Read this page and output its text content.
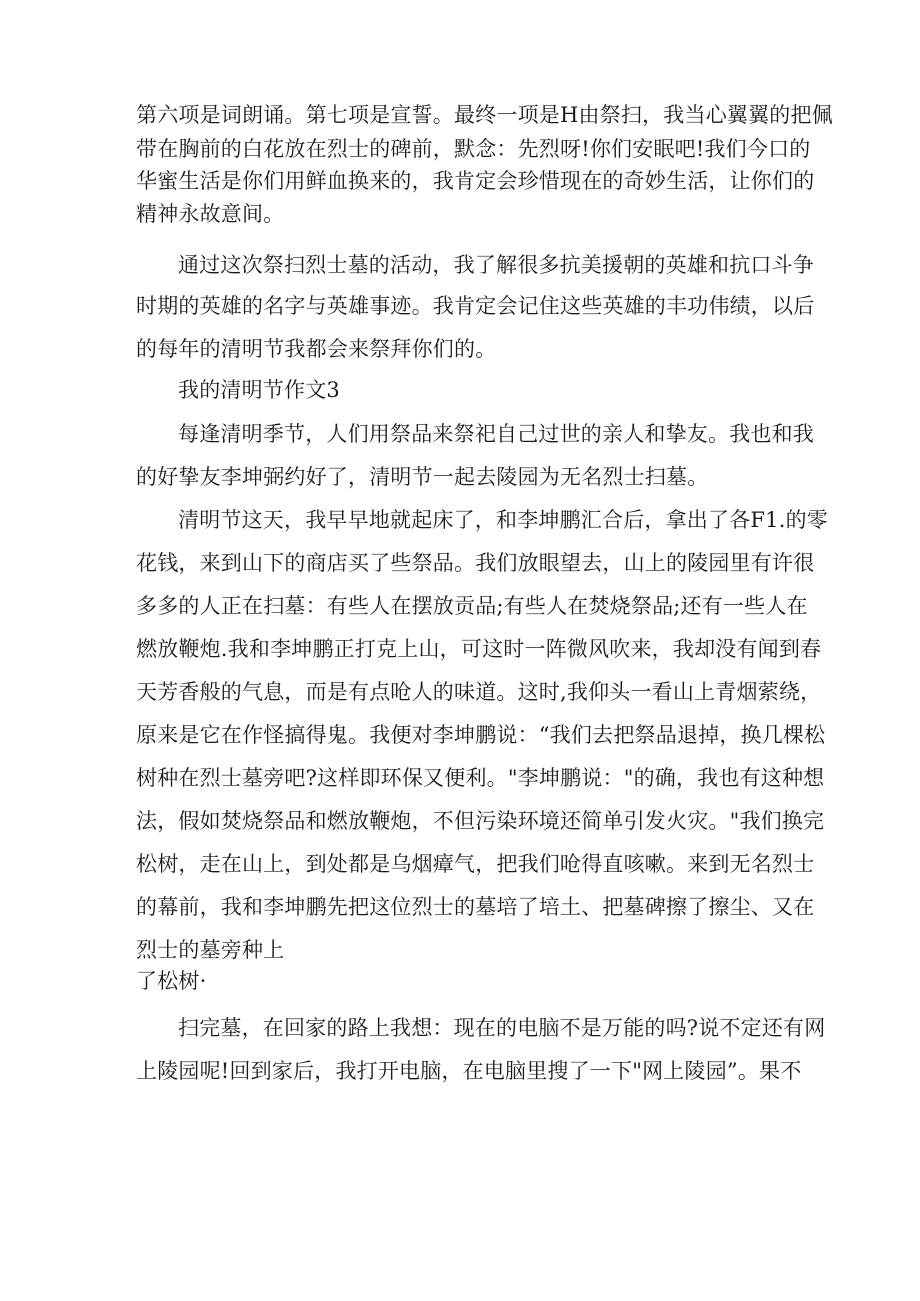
第六项是词朗诵。第七项是宣誓。最终一项是H由祭扫，我当心翼翼的把佩
带在胸前的白花放在烈士的碑前，默念：先烈呀!你们安眠吧!我们今口的
华蜜生活是你们用鲜血换来的，我肯定会珍惜现在的奇妙生活，让你们的
精神永故意间。
通过这次祭扫烈士墓的活动，我了解很多抗美援朝的英雄和抗口斗争
时期的英雄的名字与英雄事迹。我肯定会记住这些英雄的丰功伟绩，以后
的每年的清明节我都会来祭拜你们的。
我的清明节作文3
每逢清明季节，人们用祭品来祭祀自己过世的亲人和挚友。我也和我
的好挚友李坤弼约好了，清明节一起去陵园为无名烈士扫墓。
清明节这天，我早早地就起床了，和李坤鹏汇合后，拿出了各F1.的零
花钱，来到山下的商店买了些祭品。我们放眼望去，山上的陵园里有许很
多多的人正在扫墓：有些人在摆放贡品;有些人在焚烧祭品;还有一些人在
燃放鞭炮.我和李坤鹏正打克上山，可这时一阵微风吹来，我却没有闻到春
天芳香般的气息，而是有点呛人的味道。这时,我仰头一看山上青烟萦绕，
原来是它在作怪搞得鬼。我便对李坤鹏说：“我们去把祭品退掉，换几棵松
树种在烈士墓旁吧?这样即环保又便利。"李坤鹏说："的确，我也有这种想
法，假如焚烧祭品和燃放鞭炮，不但污染环境还简单引发火灾。"我们换完
松树，走在山上，到处都是乌烟瘴气，把我们呛得直咳嗽。来到无名烈士
的幕前，我和李坤鹏先把这位烈士的墓培了培土、把墓碑擦了擦尘、又在
烈士的墓旁种上
了松树·
扫完墓，在回家的路上我想：现在的电脑不是万能的吗?说不定还有网
上陵园呢!回到家后，我打开电脑，在电脑里搜了一下"网上陵园”。果不
